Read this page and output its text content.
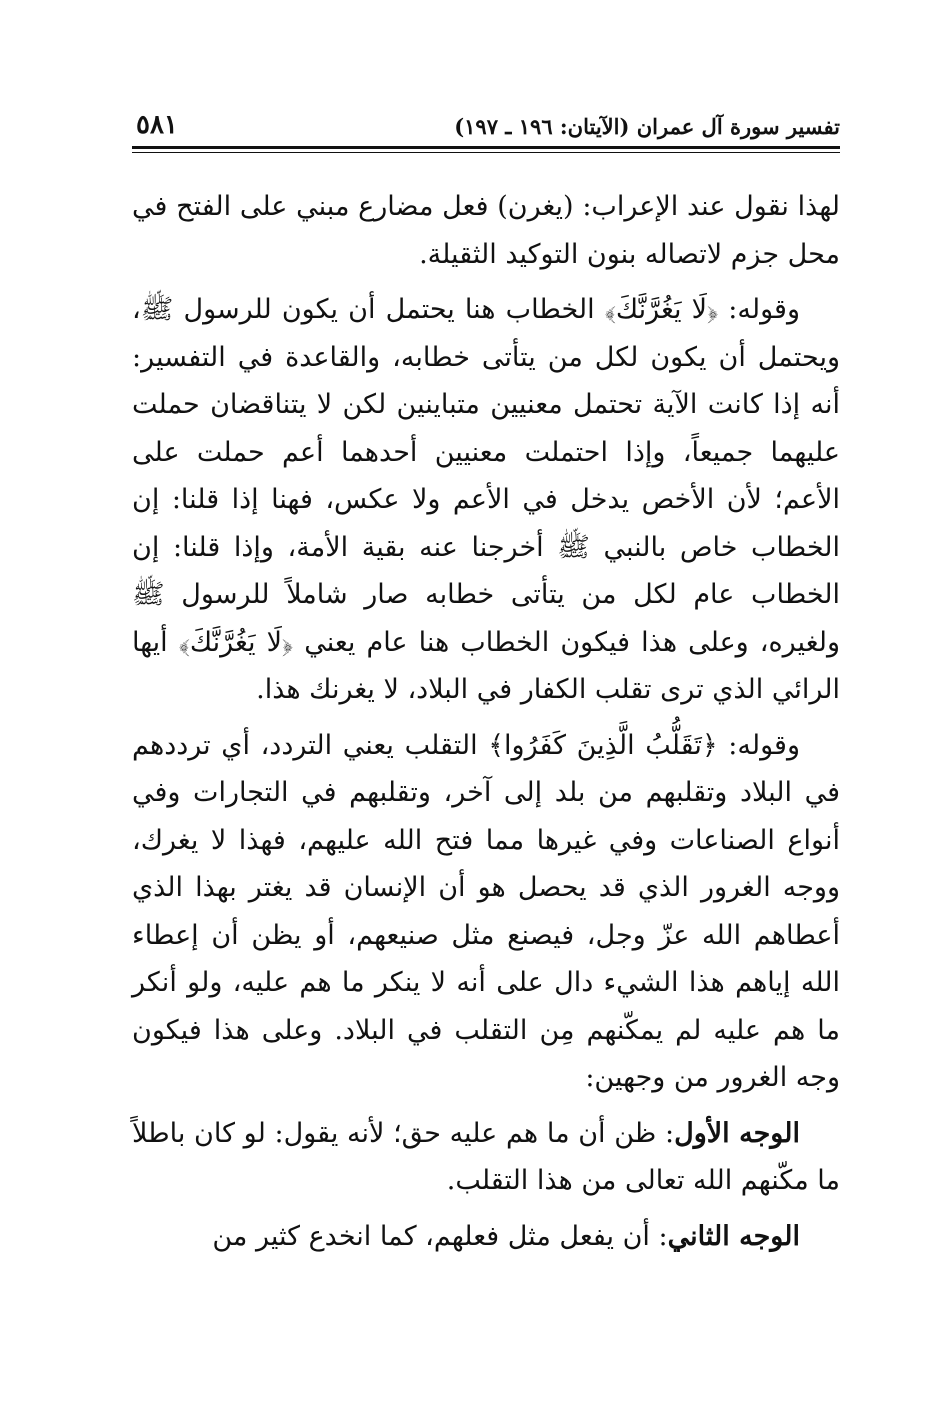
تفسير سورة آل عمران (الآيتان: ١٩٦ ـ ١٩٧)
٥٨١

لهذا نقول عند الإعراب: (يغرن) فعل مضارع مبني على الفتح في محل جزم لاتصاله بنون التوكيد الثقيلة.

وقوله: ﴿لَا يَغُرَّنَّكَ﴾ الخطاب هنا يحتمل أن يكون للرسول ﷺ، ويحتمل أن يكون لكل من يتأتى خطابه، والقاعدة في التفسير: أنه إذا كانت الآية تحتمل معنيين متباينين لكن لا يتناقضان حملت عليهما جميعاً، وإذا احتملت معنيين أحدهما أعم حملت على الأعم؛ لأن الأخص يدخل في الأعم ولا عكس، فهنا إذا قلنا: إن الخطاب خاص بالنبي ﷺ أخرجنا عنه بقية الأمة، وإذا قلنا: إن الخطاب عام لكل من يتأتى خطابه صار شاملاً للرسول ﷺ ولغيره، وعلى هذا فيكون الخطاب هنا عام يعني ﴿لَا يَغُرَّنَّكَ﴾ أيها الرائي الذي ترى تقلب الكفار في البلاد، لا يغرنك هذا.

وقوله: ﴿تَقَلُّبُ الَّذِينَ كَفَرُوا﴾ التقلب يعني التردد، أي ترددهم في البلاد وتقلبهم من بلد إلى آخر، وتقلبهم في التجارات وفي أنواع الصناعات وفي غيرها مما فتح الله عليهم، فهذا لا يغرك، ووجه الغرور الذي قد يحصل هو أن الإنسان قد يغتر بهذا الذي أعطاهم الله عزّ وجل، فيصنع مثل صنيعهم، أو يظن أن إعطاء الله إياهم هذا الشيء دال على أنه لا ينكر ما هم عليه، ولو أنكر ما هم عليه لم يمكّنهم مِن التقلب في البلاد. وعلى هذا فيكون وجه الغرور من وجهين:

الوجه الأول: ظن أن ما هم عليه حق؛ لأنه يقول: لو كان باطلاً ما مكّنهم الله تعالى من هذا التقلب.

الوجه الثاني: أن يفعل مثل فعلهم، كما انخدع كثير من
